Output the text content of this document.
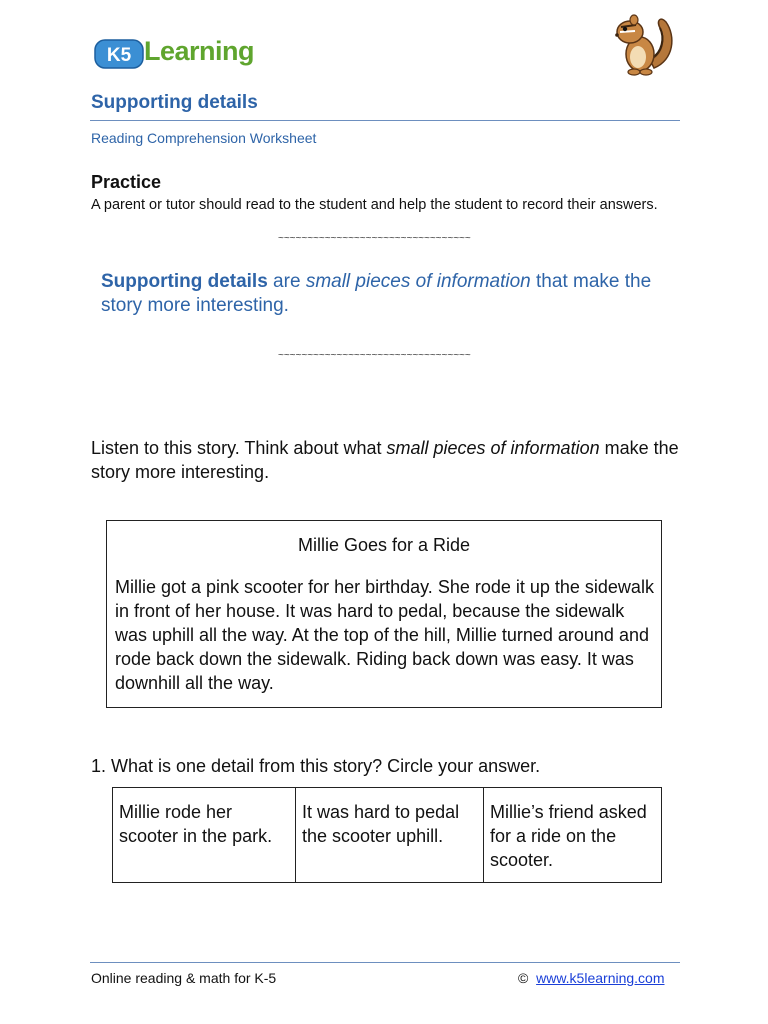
K5 Learning
Supporting details
Reading Comprehension Worksheet
Practice
A parent or tutor should read to the student and help the student to record their answers.
~~~~~~~~~~~~~~~~~~~~~~~~~~~~~~~~~
Supporting details are small pieces of information that make the story more interesting.
~~~~~~~~~~~~~~~~~~~~~~~~~~~~~~~~~
Listen to this story. Think about what small pieces of information make the story more interesting.
Millie Goes for a Ride
Millie got a pink scooter for her birthday. She rode it up the sidewalk in front of her house. It was hard to pedal, because the sidewalk was uphill all the way. At the top of the hill, Millie turned around and rode back down the sidewalk. Riding back down was easy. It was downhill all the way.
1. What is one detail from this story? Circle your answer.
Millie rode her scooter in the park.	It was hard to pedal the scooter uphill.	Millie’s friend asked for a ride on the scooter.
Online reading & math for K-5	© www.k5learning.com
